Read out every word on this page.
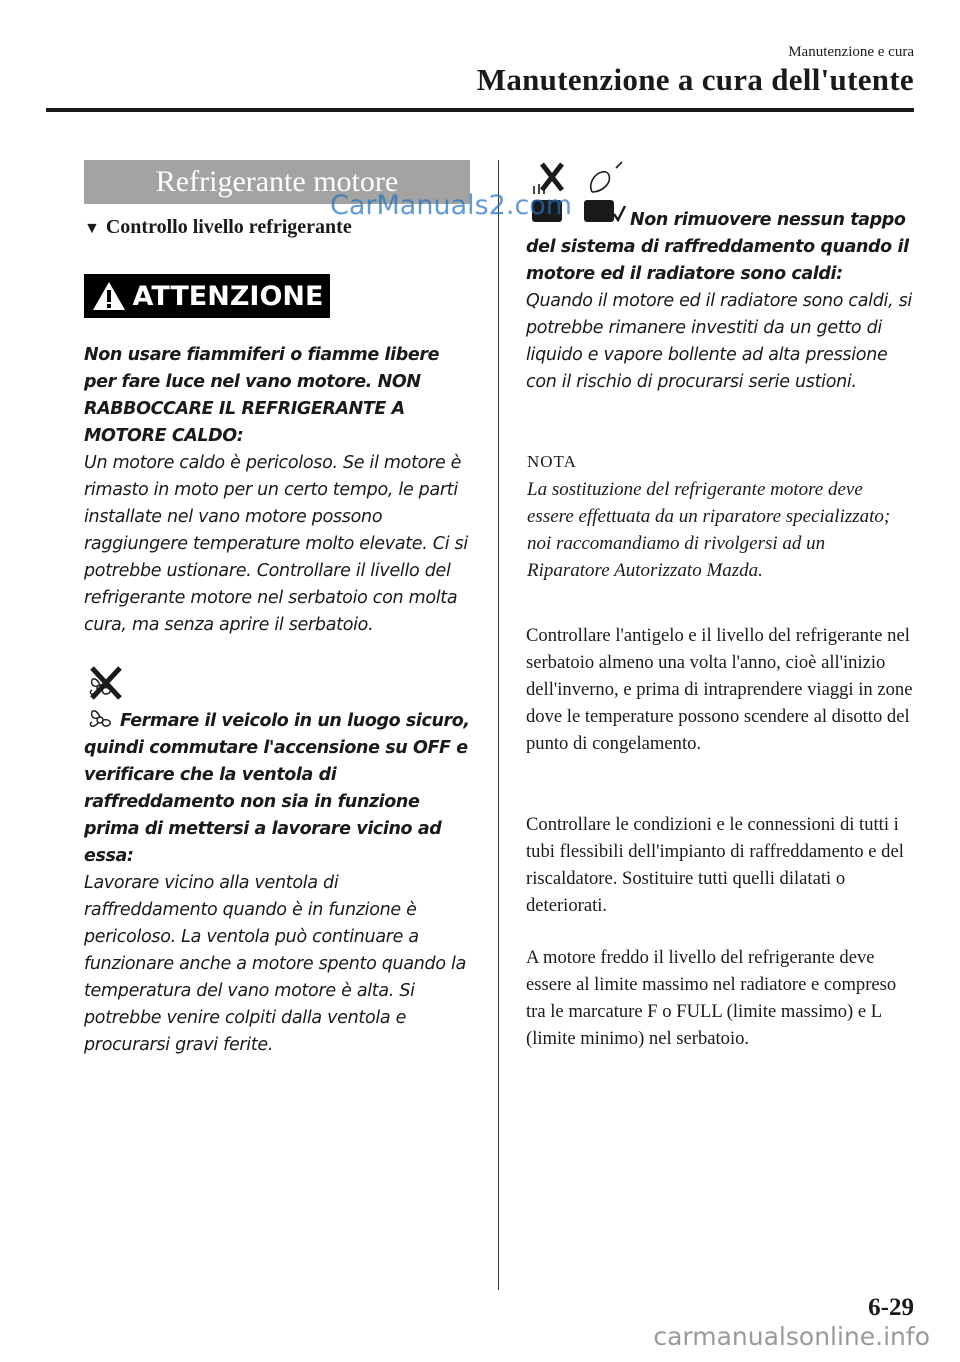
Manutenzione e cura
Manutenzione a cura dell'utente
Refrigerante motore
▼ Controllo livello refrigerante
ATTENZIONE
Non usare fiammiferi o fiamme libere per fare luce nel vano motore. NON RABBOCCARE IL REFRIGERANTE A MOTORE CALDO:
Un motore caldo è pericoloso. Se il motore è rimasto in moto per un certo tempo, le parti installate nel vano motore possono raggiungere temperature molto elevate. Ci si potrebbe ustionare. Controllare il livello del refrigerante motore nel serbatoio con molta cura, ma senza aprire il serbatoio.
Fermare il veicolo in un luogo sicuro, quindi commutare l'accensione su OFF e verificare che la ventola di raffreddamento non sia in funzione prima di mettersi a lavorare vicino ad essa:
Lavorare vicino alla ventola di raffreddamento quando è in funzione è pericoloso. La ventola può continuare a funzionare anche a motore spento quando la temperatura del vano motore è alta. Si potrebbe venire colpiti dalla ventola e procurarsi gravi ferite.
Non rimuovere nessun tappo del sistema di raffreddamento quando il motore ed il radiatore sono caldi:
Quando il motore ed il radiatore sono caldi, si potrebbe rimanere investiti da un getto di liquido e vapore bollente ad alta pressione con il rischio di procurarsi serie ustioni.
NOTA
La sostituzione del refrigerante motore deve essere effettuata da un riparatore specializzato; noi raccomandiamo di rivolgersi ad un Riparatore Autorizzato Mazda.
Controllare l'antigelo e il livello del refrigerante nel serbatoio almeno una volta l'anno, cioè all'inizio dell'inverno, e prima di intraprendere viaggi in zone dove le temperature possono scendere al disotto del punto di congelamento.
Controllare le condizioni e le connessioni di tutti i tubi flessibili dell'impianto di raffreddamento e del riscaldatore. Sostituire tutti quelli dilatati o deteriorati.
A motore freddo il livello del refrigerante deve essere al limite massimo nel radiatore e compreso tra le marcature F o FULL (limite massimo) e L (limite minimo) nel serbatoio.
6-29
CarManuals2.com
carmanualsonline.info
